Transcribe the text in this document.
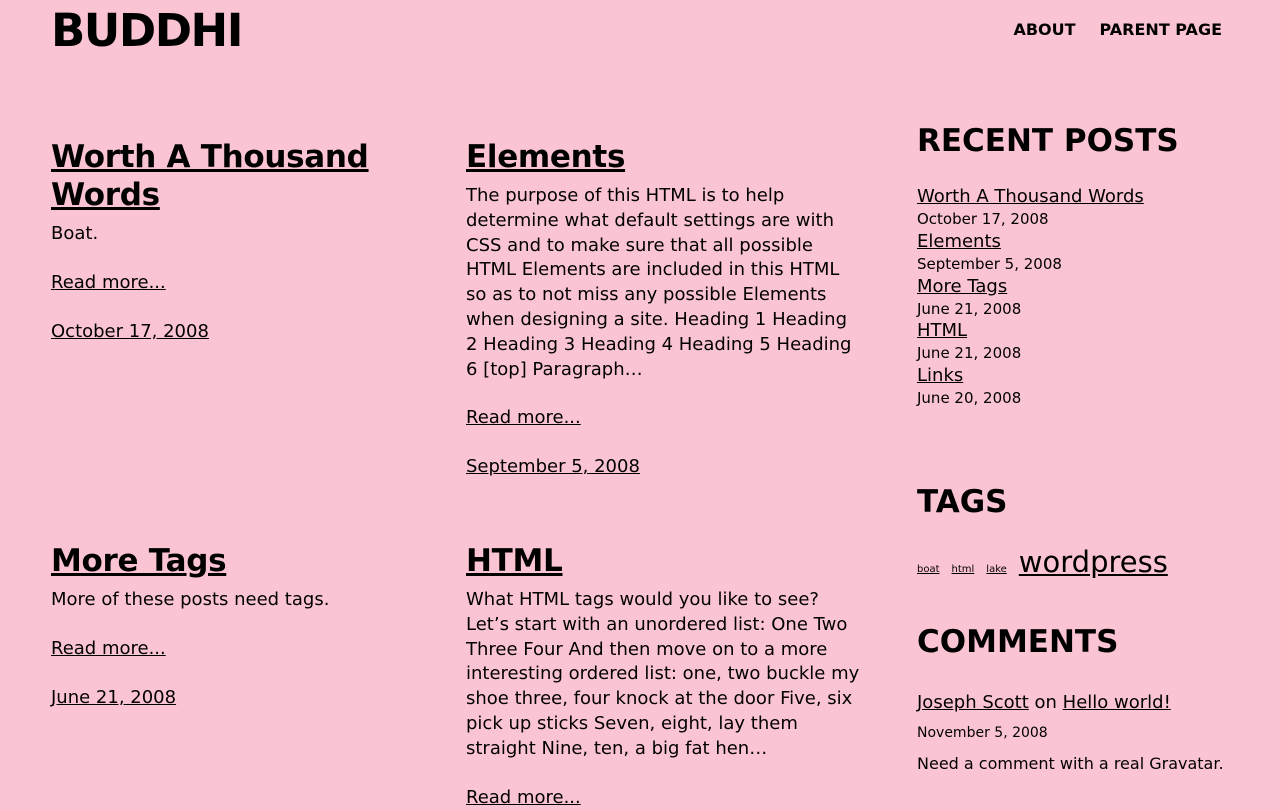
BUDDHI	ABOUT PARENT PAGE
Worth A Thousand Words

Boat.

Read more...
October 17, 2008
Elements

The purpose of this HTML is to help determine what default settings are with CSS and to make sure that all possible HTML Elements are included in this HTML so as to not miss any possible Elements when designing a site. Heading 1 Heading 2 Heading 3 Heading 4 Heading 5 Heading 6 [top] Paragraph…

Read more...
September 5, 2008
More Tags

More of these posts need tags.

Read more...
June 21, 2008
HTML

What HTML tags would you like to see? Let’s start with an unordered list: One Two Three Four And then move on to a more interesting ordered list: one, two buckle my shoe three, four knock at the door Five, six pick up sticks Seven, eight, lay them straight Nine, ten, a big fat hen…

Read more...
RECENT POSTS
Worth A Thousand Words
October 17, 2008
Elements
September 5, 2008
More Tags
June 21, 2008
HTML
June 21, 2008
Links
June 20, 2008
TAGS
boat html lake wordpress
COMMENTS
Joseph Scott on Hello world!
November 5, 2008
Need a comment with a real Gravatar.
